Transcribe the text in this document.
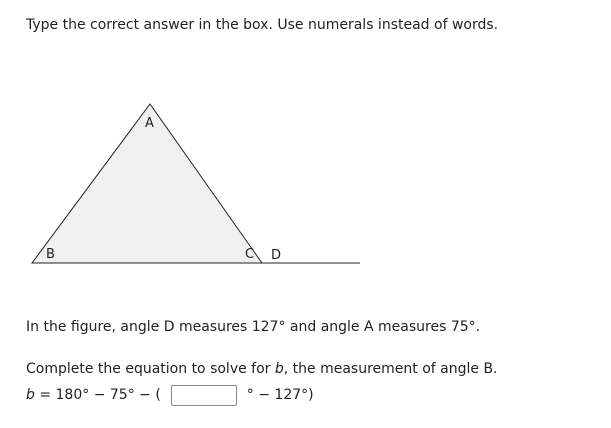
Type the correct answer in the box. Use numerals instead of words.
A
B	C D
In the figure, angle D measures 127° and angle A measures 75°.
Complete the equation to solve for b, the measurement of angle B.
b = 180° − 75° − (	° − 127°)
